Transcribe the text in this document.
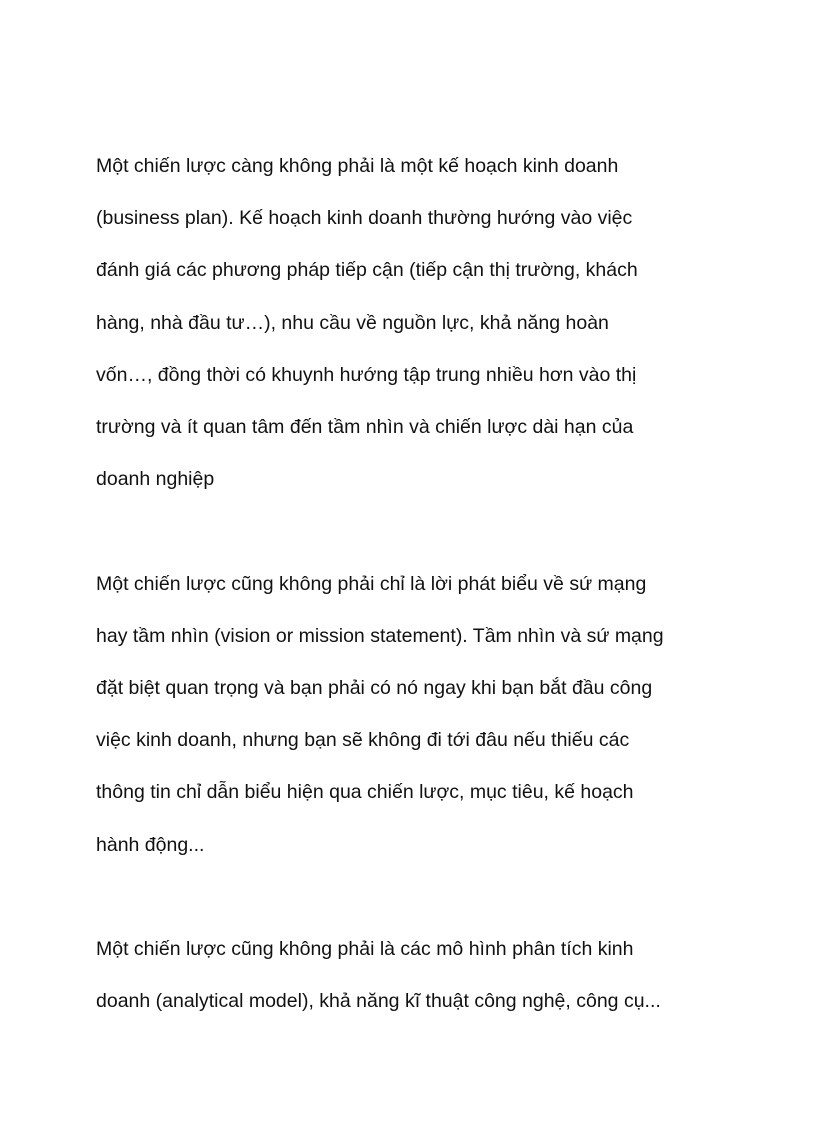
Một chiến lược càng không phải là một kế hoạch kinh doanh
(business plan). Kế hoạch kinh doanh thường hướng vào việc
đánh giá các phương pháp tiếp cận (tiếp cận thị trường, khách
hàng, nhà đầu tư…), nhu cầu về nguồn lực, khả năng hoàn
vốn…, đồng thời có khuynh hướng tập trung nhiều hơn vào thị
trường và ít quan tâm đến tầm nhìn và chiến lược dài hạn của
doanh nghiệp

Một chiến lược cũng không phải chỉ là lời phát biểu về sứ mạng
hay tầm nhìn (vision or mission statement). Tầm nhìn và sứ mạng
đặt biệt quan trọng và bạn phải có nó ngay khi bạn bắt đầu công
việc kinh doanh, nhưng bạn sẽ không đi tới đâu nếu thiếu các
thông tin chỉ dẫn biểu hiện qua chiến lược, mục tiêu, kế hoạch
hành động...

Một chiến lược cũng không phải là các mô hình phân tích kinh
doanh (analytical model), khả năng kĩ thuật công nghệ, công cụ...
